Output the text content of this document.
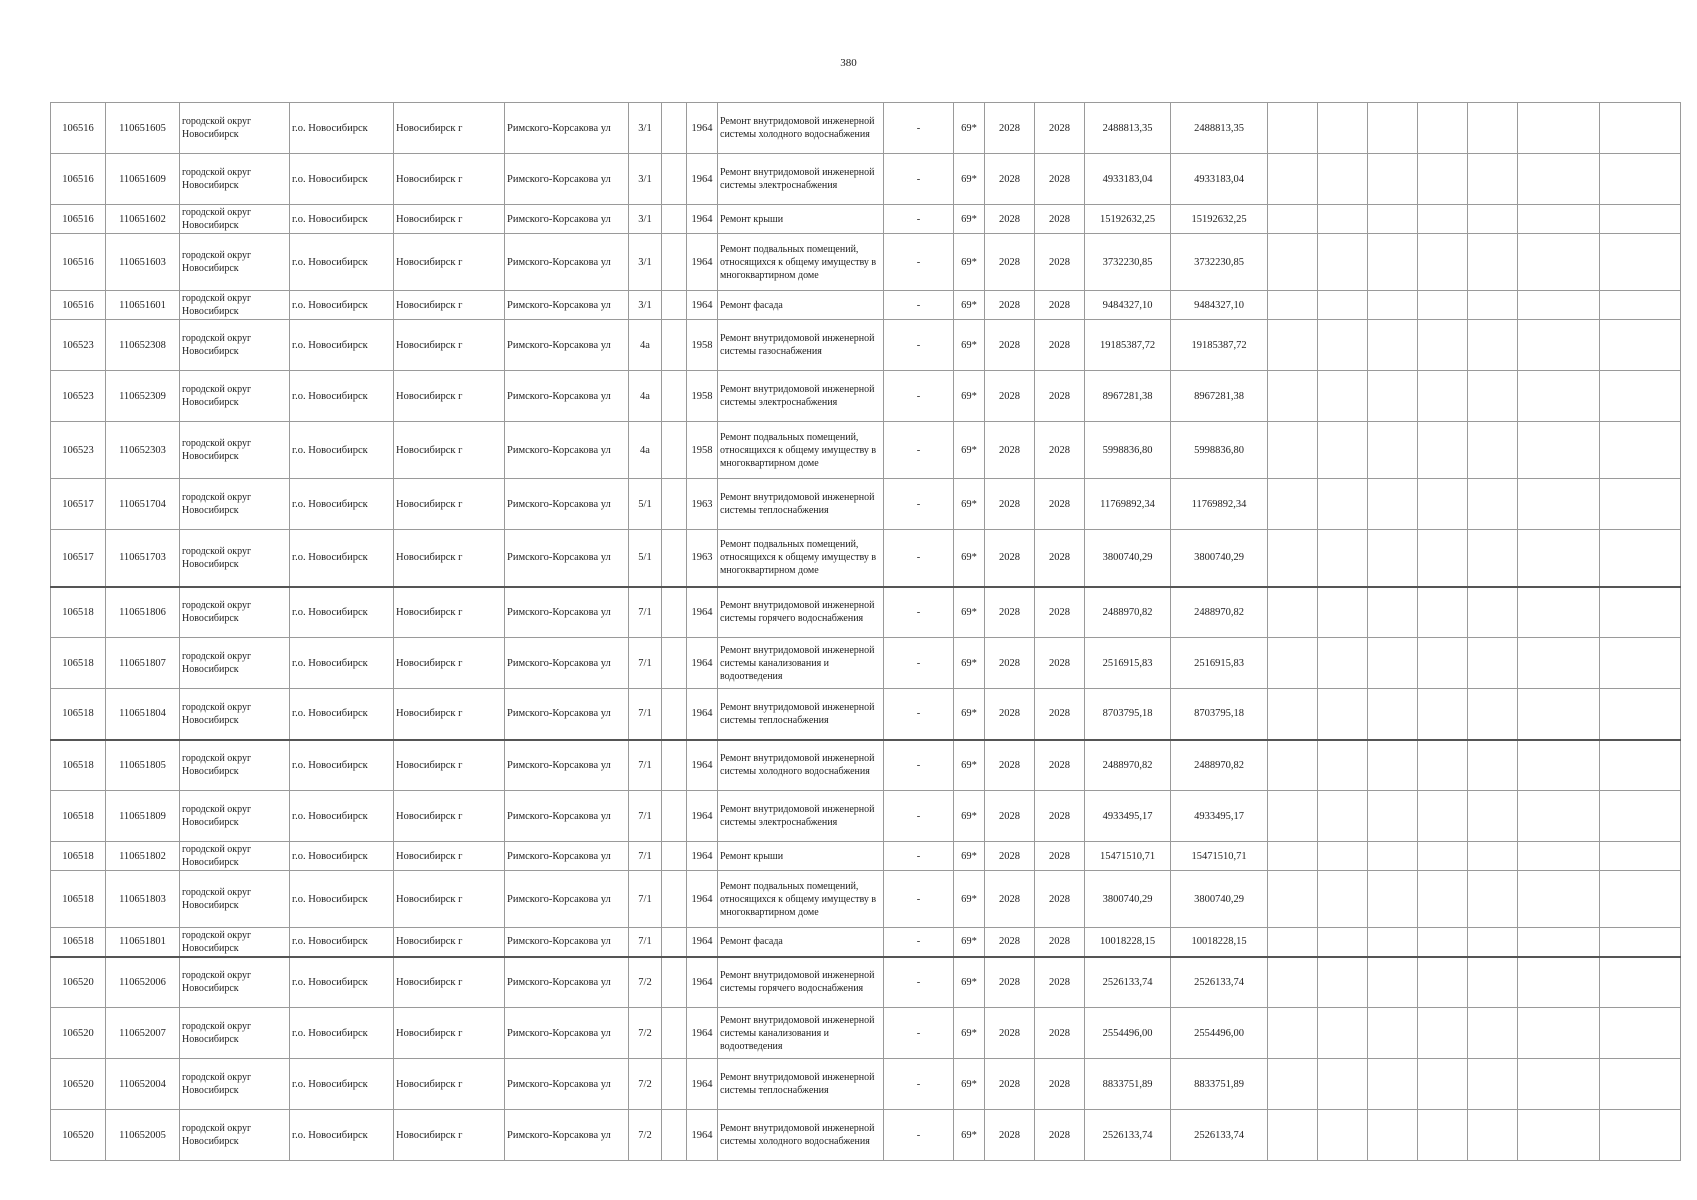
380
106516	110651605	городской округ Новосибирск	г.о. Новосибирск	Новосибирск г	Римского-Корсакова ул	3/1		1964	Ремонт внутридомовой инженерной системы холодного водоснабжения	-	69*	2028	2028	2488813,35	2488813,35							
106516	110651609	городской округ Новосибирск	г.о. Новосибирск	Новосибирск г	Римского-Корсакова ул	3/1		1964	Ремонт внутридомовой инженерной системы электроснабжения	-	69*	2028	2028	4933183,04	4933183,04							
106516	110651602	городской округ Новосибирск	г.о. Новосибирск	Новосибирск г	Римского-Корсакова ул	3/1		1964	Ремонт крыши	-	69*	2028	2028	15192632,25	15192632,25							
106516	110651603	городской округ Новосибирск	г.о. Новосибирск	Новосибирск г	Римского-Корсакова ул	3/1		1964	Ремонт подвальных помещений, относящихся к общему имуществу в многоквартирном доме	-	69*	2028	2028	3732230,85	3732230,85							
106516	110651601	городской округ Новосибирск	г.о. Новосибирск	Новосибирск г	Римского-Корсакова ул	3/1		1964	Ремонт фасада	-	69*	2028	2028	9484327,10	9484327,10							
106523	110652308	городской округ Новосибирск	г.о. Новосибирск	Новосибирск г	Римского-Корсакова ул	4а		1958	Ремонт внутридомовой инженерной системы газоснабжения	-	69*	2028	2028	19185387,72	19185387,72							
106523	110652309	городской округ Новосибирск	г.о. Новосибирск	Новосибирск г	Римского-Корсакова ул	4а		1958	Ремонт внутридомовой инженерной системы электроснабжения	-	69*	2028	2028	8967281,38	8967281,38							
106523	110652303	городской округ Новосибирск	г.о. Новосибирск	Новосибирск г	Римского-Корсакова ул	4а		1958	Ремонт подвальных помещений, относящихся к общему имуществу в многоквартирном доме	-	69*	2028	2028	5998836,80	5998836,80							
106517	110651704	городской округ Новосибирск	г.о. Новосибирск	Новосибирск г	Римского-Корсакова ул	5/1		1963	Ремонт внутридомовой инженерной системы теплоснабжения	-	69*	2028	2028	11769892,34	11769892,34							
106517	110651703	городской округ Новосибирск	г.о. Новосибирск	Новосибирск г	Римского-Корсакова ул	5/1		1963	Ремонт подвальных помещений, относящихся к общему имуществу в многоквартирном доме	-	69*	2028	2028	3800740,29	3800740,29							
106518	110651806	городской округ Новосибирск	г.о. Новосибирск	Новосибирск г	Римского-Корсакова ул	7/1		1964	Ремонт внутридомовой инженерной системы горячего водоснабжения	-	69*	2028	2028	2488970,82	2488970,82							
106518	110651807	городской округ Новосибирск	г.о. Новосибирск	Новосибирск г	Римского-Корсакова ул	7/1		1964	Ремонт внутридомовой инженерной системы канализования и водоотведения	-	69*	2028	2028	2516915,83	2516915,83							
106518	110651804	городской округ Новосибирск	г.о. Новосибирск	Новосибирск г	Римского-Корсакова ул	7/1		1964	Ремонт внутридомовой инженерной системы теплоснабжения	-	69*	2028	2028	8703795,18	8703795,18							
106518	110651805	городской округ Новосибирск	г.о. Новосибирск	Новосибирск г	Римского-Корсакова ул	7/1		1964	Ремонт внутридомовой инженерной системы холодного водоснабжения	-	69*	2028	2028	2488970,82	2488970,82							
106518	110651809	городской округ Новосибирск	г.о. Новосибирск	Новосибирск г	Римского-Корсакова ул	7/1		1964	Ремонт внутридомовой инженерной системы электроснабжения	-	69*	2028	2028	4933495,17	4933495,17							
106518	110651802	городской округ Новосибирск	г.о. Новосибирск	Новосибирск г	Римского-Корсакова ул	7/1		1964	Ремонт крыши	-	69*	2028	2028	15471510,71	15471510,71							
106518	110651803	городской округ Новосибирск	г.о. Новосибирск	Новосибирск г	Римского-Корсакова ул	7/1		1964	Ремонт подвальных помещений, относящихся к общему имуществу в многоквартирном доме	-	69*	2028	2028	3800740,29	3800740,29							
106518	110651801	городской округ Новосибирск	г.о. Новосибирск	Новосибирск г	Римского-Корсакова ул	7/1		1964	Ремонт фасада	-	69*	2028	2028	10018228,15	10018228,15							
106520	110652006	городской округ Новосибирск	г.о. Новосибирск	Новосибирск г	Римского-Корсакова ул	7/2		1964	Ремонт внутридомовой инженерной системы горячего водоснабжения	-	69*	2028	2028	2526133,74	2526133,74							
106520	110652007	городской округ Новосибирск	г.о. Новосибирск	Новосибирск г	Римского-Корсакова ул	7/2		1964	Ремонт внутридомовой инженерной системы канализования и водоотведения	-	69*	2028	2028	2554496,00	2554496,00							
106520	110652004	городской округ Новосибирск	г.о. Новосибирск	Новосибирск г	Римского-Корсакова ул	7/2		1964	Ремонт внутридомовой инженерной системы теплоснабжения	-	69*	2028	2028	8833751,89	8833751,89							
106520	110652005	городской округ Новосибирск	г.о. Новосибирск	Новосибирск г	Римского-Корсакова ул	7/2		1964	Ремонт внутридомовой инженерной системы холодного водоснабжения	-	69*	2028	2028	2526133,74	2526133,74							
